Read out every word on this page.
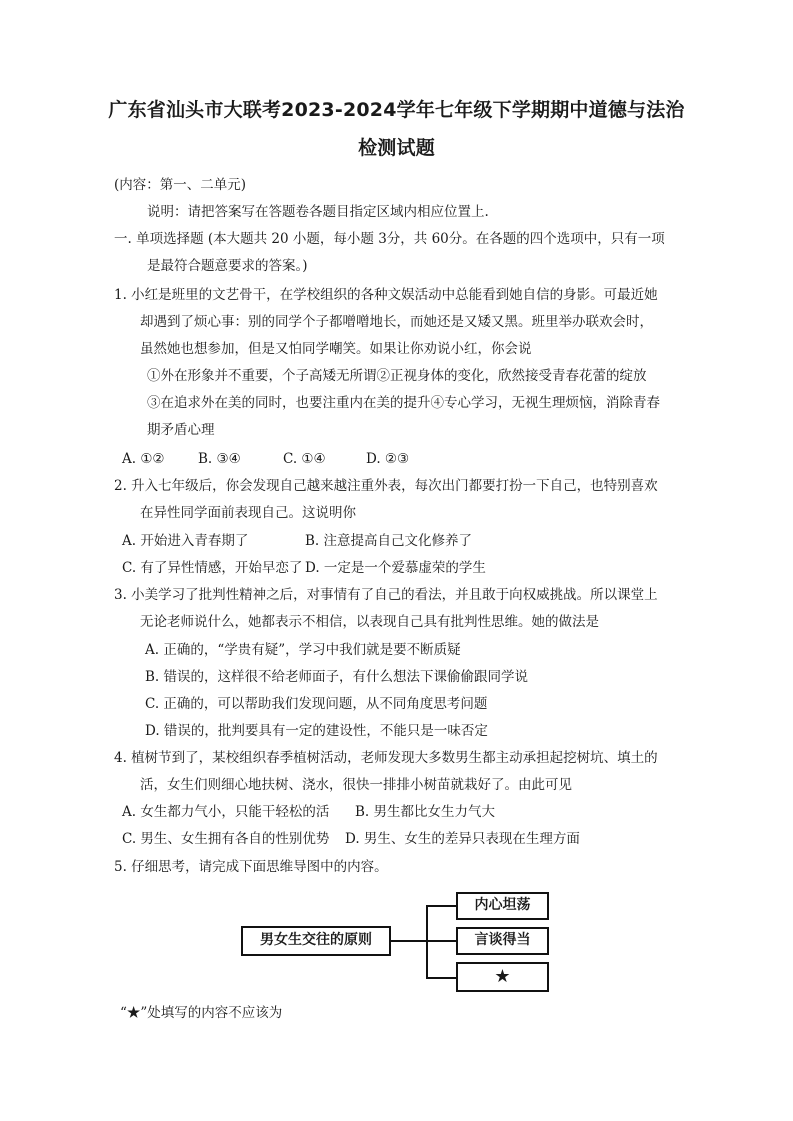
广东省汕头市大联考2023-2024学年七年级下学期期中道德与法治
检测试题
(内容：第一、二单元)
说明：请把答案写在答题卷各题目指定区域内相应位置上.
一. 单项选择题 (本大题共 20 小题，每小题 3分，共 60分。在各题的四个选项中，只有一项
是最符合题意要求的答案。)
1. 小红是班里的文艺骨干，在学校组织的各种文娱活动中总能看到她自信的身影。可最近她
却遇到了烦心事：别的同学个子都噌噌地长，而她还是又矮又黑。班里举办联欢会时，
虽然她也想参加，但是又怕同学嘲笑。如果让你劝说小红，你会说
①外在形象并不重要，个子高矮无所谓②正视身体的变化，欣然接受青春花蕾的绽放
③在追求外在美的同时，也要注重内在美的提升④专心学习，无视生理烦恼，消除青春
期矛盾心理
A. ①② B. ③④	C. ①④	D. ②③
2. 升入七年级后，你会发现自己越来越注重外表，每次出门都要打扮一下自己，也特别喜欢
在异性同学面前表现自己。这说明你
A. 开始进入青春期了	B. 注意提高自己文化修养了
C. 有了异性情感，开始早恋了 D. 一定是一个爱慕虚荣的学生
3. 小美学习了批判性精神之后，对事情有了自己的看法，并且敢于向权威挑战。所以课堂上
无论老师说什么，她都表示不相信，以表现自己具有批判性思维。她的做法是
A. 正确的，“学贵有疑”，学习中我们就是要不断质疑
B. 错误的，这样很不给老师面子，有什么想法下课偷偷跟同学说
C. 正确的，可以帮助我们发现问题，从不同角度思考问题
D. 错误的，批判要具有一定的建设性，不能只是一味否定
4. 植树节到了，某校组织春季植树活动，老师发现大多数男生都主动承担起挖树坑、填土的
活，女生们则细心地扶树、浇水，很快一排排小树苗就栽好了。由此可见
A. 女生都力气小，只能干轻松的活 B. 男生都比女生力气大
C. 男生、女生拥有各自的性别优势 D. 男生、女生的差异只表现在生理方面
5. 仔细思考，请完成下面思维导图中的内容。
男女生交往的原则
内心坦荡
言谈得当
★
“★”处填写的内容不应该为
